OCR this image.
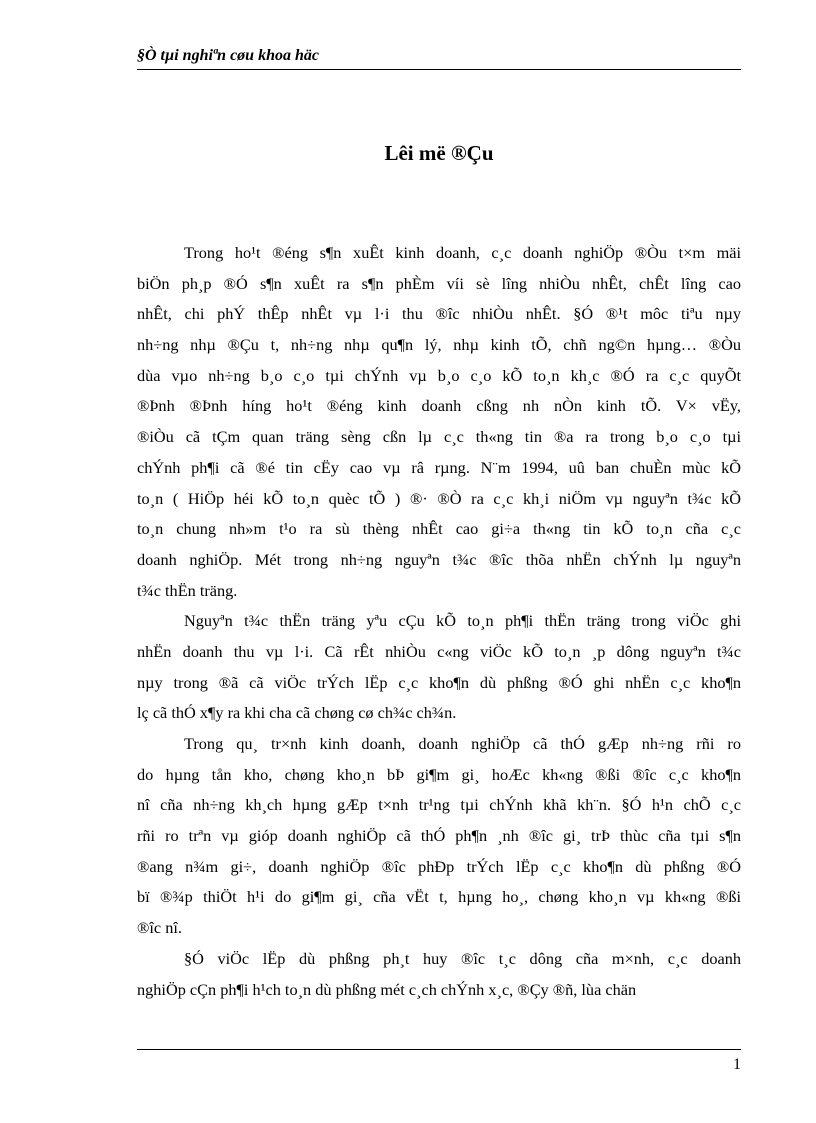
§Ò tµi nghiªn cøu khoa häc
Lêi më ®Çu
Trong ho¹t ®éng s¶n xuÊt kinh doanh, c¸c doanh nghiÖp ®Òu t×m mäi
biÖn ph¸p ®Ó s¶n xuÊt ra s¶n phÈm víi sè lîng nhiÒu nhÊt, chÊt lîng cao
nhÊt, chi phÝ thÊp nhÊt vµ l·i thu ®îc nhiÒu nhÊt. §Ó ®¹t môc tiªu nµy
nh÷ng nhµ ®Çu t, nh÷ng nhµ qu¶n lý, nhµ kinh tÕ, chñ ng©n hµng… ®Òu
dùa vµo nh÷ng b¸o c¸o tµi chÝnh vµ b¸o c¸o kÕ to¸n kh¸c ®Ó ra c¸c quyÕt
®Þnh ®Þnh híng ho¹t ®éng kinh doanh cßng nh nÒn kinh tÕ. V× vËy,
®iÒu cã tÇm quan träng sèng cßn lµ c¸c th«ng tin ®a ra trong b¸o c¸o tµi
chÝnh ph¶i cã ®é tin cËy cao vµ râ rµng. N¨m 1994, uû ban chuÈn mùc kÕ
to¸n ( HiÖp héi kÕ to¸n quèc tÕ ) ®· ®Ò ra c¸c kh¸i niÖm vµ nguyªn t¾c kÕ
to¸n chung nh»m t¹o ra sù thèng nhÊt cao gi÷a th«ng tin kÕ to¸n cña c¸c
doanh nghiÖp. Mét trong nh÷ng nguyªn t¾c ®îc thõa nhËn chÝnh lµ nguyªn
t¾c thËn träng.
Nguyªn t¾c thËn träng yªu cÇu kÕ to¸n ph¶i thËn träng trong viÖc ghi
nhËn doanh thu vµ l·i. Cã rÊt nhiÒu c«ng viÖc kÕ to¸n ¸p dông nguyªn t¾c
nµy trong ®ã cã viÖc trÝch lËp c¸c kho¶n dù phßng ®Ó ghi nhËn c¸c kho¶n
lç cã thÓ x¶y ra khi cha cã chøng cø ch¾c ch¾n.
Trong qu¸ tr×nh kinh doanh, doanh nghiÖp cã thÓ gÆp nh÷ng rñi ro
do hµng tån kho, chøng kho¸n bÞ gi¶m gi¸ hoÆc kh«ng ®ßi ®îc c¸c kho¶n
nî cña nh÷ng kh¸ch hµng gÆp t×nh tr¹ng tµi chÝnh khã kh¨n. §Ó h¹n chÕ c¸c
rñi ro trªn vµ gióp doanh nghiÖp cã thÓ ph¶n ¸nh ®îc gi¸ trÞ thùc cña tµi s¶n
®ang n¾m gi÷, doanh nghiÖp ®îc phÐp trÝch lËp c¸c kho¶n dù phßng ®Ó
bï ®¾p thiÖt h¹i do gi¶m gi¸ cña vËt t, hµng ho¸, chøng kho¸n vµ kh«ng ®ßi
®îc nî.
§Ó viÖc lËp dù phßng ph¸t huy ®îc t¸c dông cña m×nh, c¸c doanh
nghiÖp cÇn ph¶i h¹ch to¸n dù phßng mét c¸ch chÝnh x¸c, ®Çy ®ñ, lùa chän
1
